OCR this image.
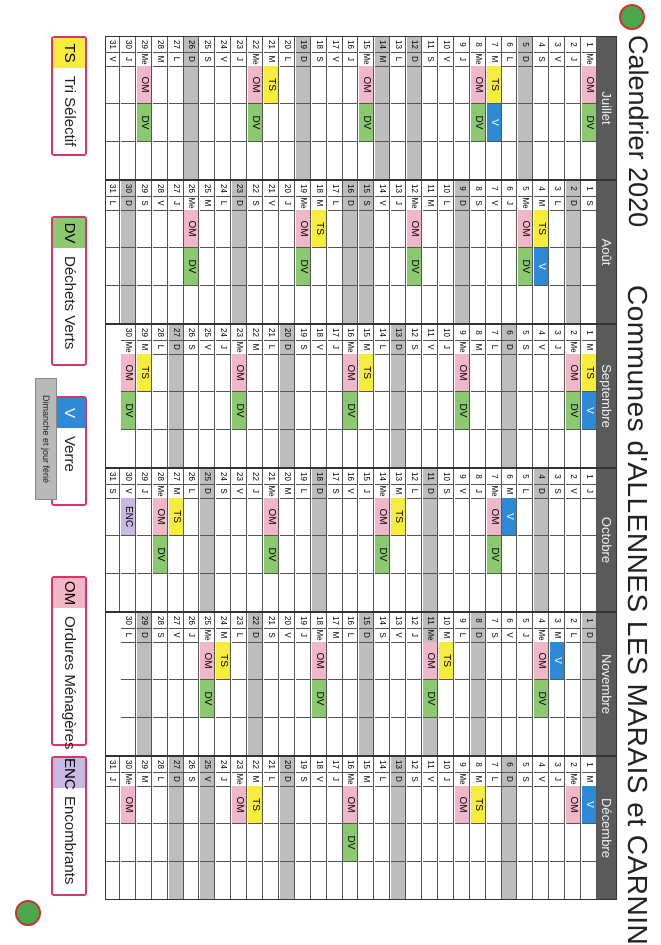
Calendrier 2020
Communes d'ALLENNES LES MARAIS et CARNIN
Juillet
1
Me
OM
DV
2
J
3
V
4
S
5
D
6
L
7
M
TS
V
8
Me
OM
DV
9
J
10
V
11
S
12
D
13
L
14
M
15
Me
OM
DV
16
J
17
V
18
S
19
D
20
L
21
M
TS
22
Me
OM
DV
23
J
24
V
25
S
26
D
27
L
28
M
29
Me
OM
DV
30
J
31
V
Août
1
S
2
D
3
L
4
M
TS
V
5
Me
OM
DV
6
J
7
V
8
S
9
D
10
L
11
M
12
Me
OM
DV
13
J
14
V
15
S
16
D
17
L
18
M
TS
19
Me
OM
DV
20
J
21
V
22
S
23
D
24
L
25
M
26
Me
OM
DV
27
J
28
V
29
S
30
D
31
L
Septembre
1
M
TS
V
2
Me
OM
DV
3
J
4
V
5
S
6
D
7
L
8
M
9
Me
OM
DV
10
J
11
V
12
S
13
D
14
L
15
M
TS
16
Me
OM
DV
17
J
18
V
19
S
20
D
21
L
22
M
23
Me
OM
DV
24
J
25
V
26
S
27
D
28
L
29
M
TS
30
Me
OM
DV
Octobre
1
J
2
V
3
S
4
D
5
L
6
M
V
7
Me
OM
DV
8
J
9
V
10
S
11
D
12
L
13
M
TS
14
Me
OM
DV
15
J
16
V
17
S
18
D
19
L
20
M
21
Me
OM
DV
22
J
23
V
24
S
25
D
26
L
27
M
TS
28
Me
OM
DV
29
J
30
V
ENC
31
S
Novembre
1
D
2
L
3
M
V
4
Me
OM
DV
5
J
6
V
7
S
8
D
9
L
10
M
TS
11
Me
OM
DV
12
J
13
V
14
S
15
D
16
L
17
M
18
Me
OM
DV
19
J
20
V
21
S
22
D
23
L
24
M
TS
25
Me
OM
DV
26
J
27
V
28
S
29
D
30
L
Décembre
1
M
V
2
Me
OM
3
J
4
V
5
S
6
D
7
L
8
M
TS
9
Me
OM
10
J
11
V
12
S
13
D
14
L
15
M
16
Me
OM
DV
17
J
18
V
19
S
20
D
21
L
22
M
TS
23
Me
OM
24
J
25
V
26
S
27
D
28
L
29
M
30
Me
OM
31
J
TS
Tri Sélectif
DV
Déchets Verts
V
Verre
OM
Ordures Ménagères
ENC
Encombrants
Dimanche et jour férié
